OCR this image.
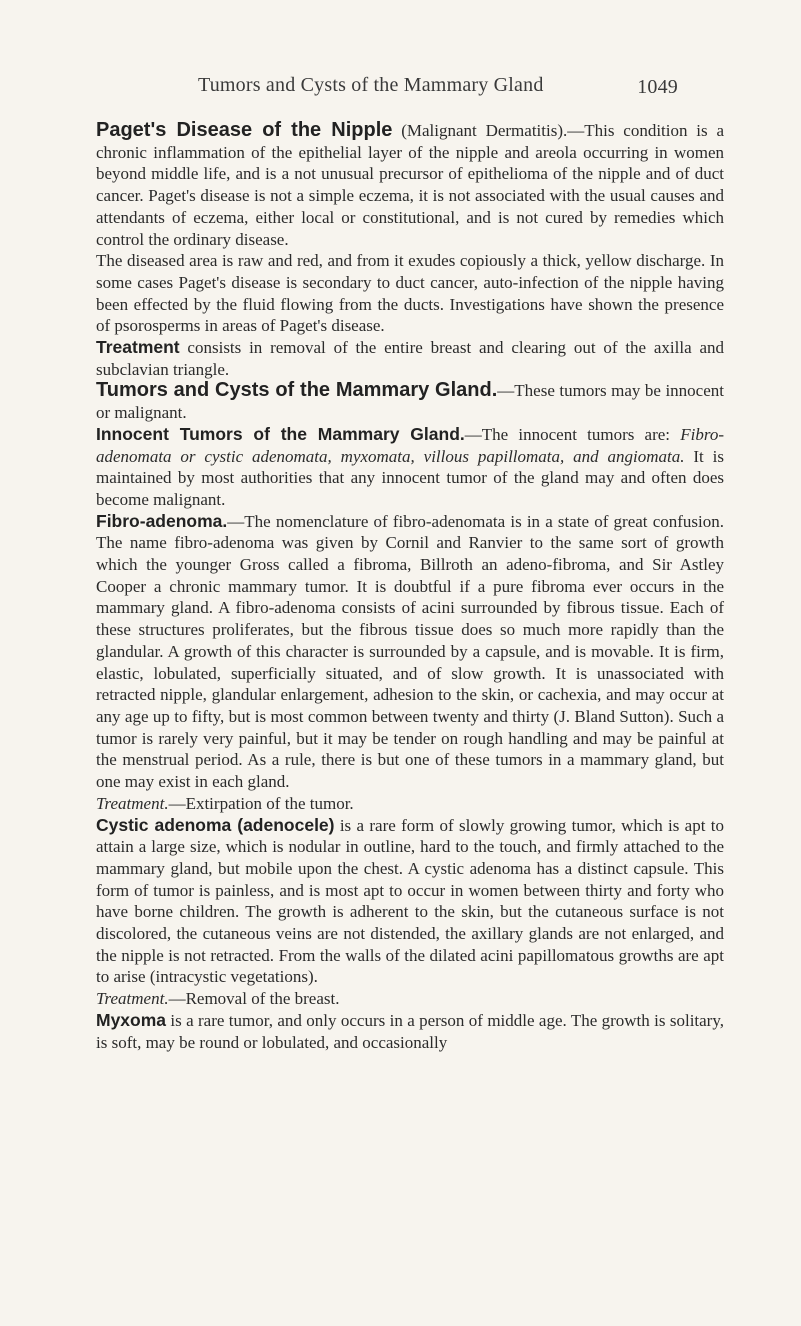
Tumors and Cysts of the Mammary Gland	1049

Paget's Disease of the Nipple (Malignant Dermatitis).—This condition is a chronic inflammation of the epithelial layer of the nipple and areola occurring in women beyond middle life, and is a not unusual precursor of epithelioma of the nipple and of duct cancer. Paget's disease is not a simple eczema, it is not associated with the usual causes and attendants of eczema, either local or constitutional, and is not cured by remedies which control the ordinary disease.

The diseased area is raw and red, and from it exudes copiously a thick, yellow discharge. In some cases Paget's disease is secondary to duct cancer, auto-infection of the nipple having been effected by the fluid flowing from the ducts. Investigations have shown the presence of psorosperms in areas of Paget's disease.

Treatment consists in removal of the entire breast and clearing out of the axilla and subclavian triangle.

Tumors and Cysts of the Mammary Gland.—These tumors may be innocent or malignant.

Innocent Tumors of the Mammary Gland.—The innocent tumors are: Fibro-adenomata or cystic adenomata, myxomata, villous papillomata, and angiomata. It is maintained by most authorities that any innocent tumor of the gland may and often does become malignant.

Fibro-adenoma.—The nomenclature of fibro-adenomata is in a state of great confusion. The name fibro-adenoma was given by Cornil and Ranvier to the same sort of growth which the younger Gross called a fibroma, Billroth an adeno-fibroma, and Sir Astley Cooper a chronic mammary tumor. It is doubtful if a pure fibroma ever occurs in the mammary gland. A fibro-adenoma consists of acini surrounded by fibrous tissue. Each of these structures proliferates, but the fibrous tissue does so much more rapidly than the glandular. A growth of this character is surrounded by a capsule, and is movable. It is firm, elastic, lobulated, superficially situated, and of slow growth. It is unassociated with retracted nipple, glandular enlargement, adhesion to the skin, or cachexia, and may occur at any age up to fifty, but is most common between twenty and thirty (J. Bland Sutton). Such a tumor is rarely very painful, but it may be tender on rough handling and may be painful at the menstrual period. As a rule, there is but one of these tumors in a mammary gland, but one may exist in each gland.

Treatment.—Extirpation of the tumor.

Cystic adenoma (adenocele) is a rare form of slowly growing tumor, which is apt to attain a large size, which is nodular in outline, hard to the touch, and firmly attached to the mammary gland, but mobile upon the chest. A cystic adenoma has a distinct capsule. This form of tumor is painless, and is most apt to occur in women between thirty and forty who have borne children. The growth is adherent to the skin, but the cutaneous surface is not discolored, the cutaneous veins are not distended, the axillary glands are not enlarged, and the nipple is not retracted. From the walls of the dilated acini papillomatous growths are apt to arise (intracystic vegetations).

Treatment.—Removal of the breast.

Myxoma is a rare tumor, and only occurs in a person of middle age. The growth is solitary, is soft, may be round or lobulated, and occasionally
